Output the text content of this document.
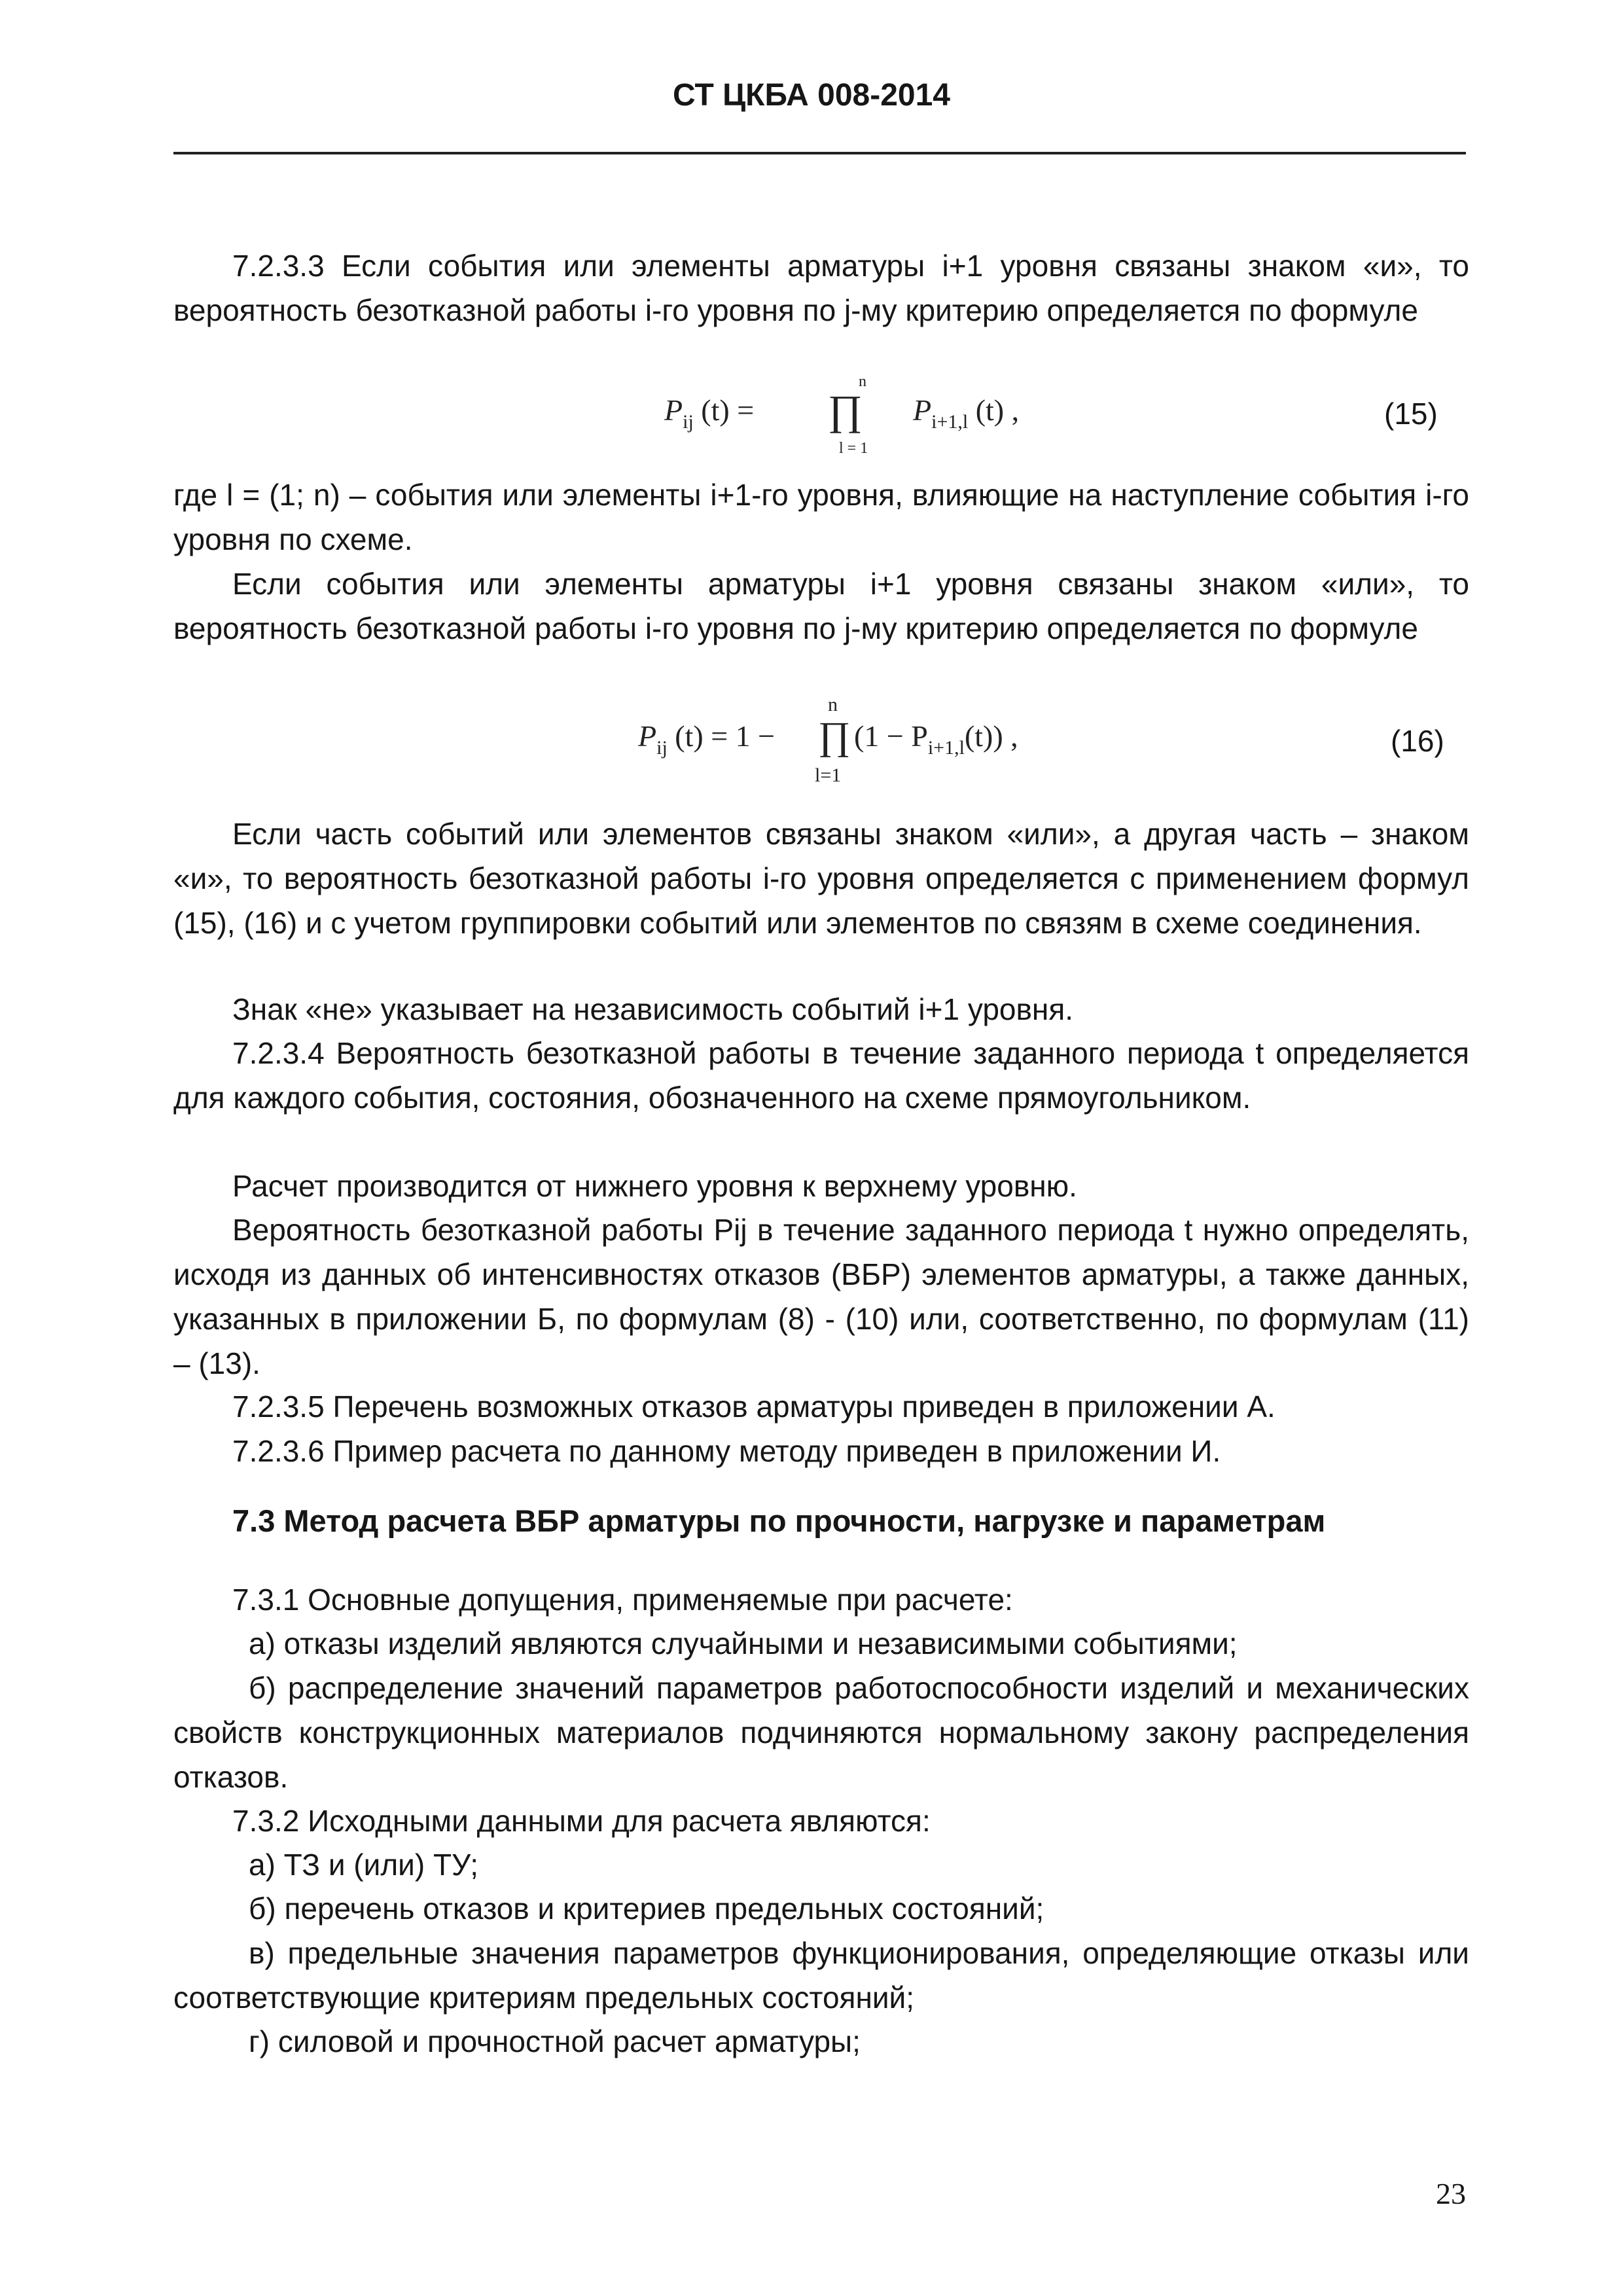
СТ ЦКБА 008-2014

7.2.3.3 Если события или элементы арматуры i+1 уровня связаны знаком «и», то вероятность безотказной работы i-го уровня по j-му критерию определяется по формуле

$P_{ij}$ (t) = ∏
n
l = 1
$P_{i+1,l}$ (t) ,	(15)

где l = (1; n) – события или элементы i+1-го уровня, влияющие на наступление события i-го уровня по схеме.

Если события или элементы арматуры i+1 уровня связаны знаком «или», то вероятность безотказной работы i-го уровня по j-му критерию определяется по формуле

$P_{ij}$ (t) = 1 − ∏
n
l=1
$(1 - P_{i+1,l}(t))$ ,	(16)

Если часть событий или элементов связаны знаком «или», а другая часть – знаком «и», то вероятность безотказной работы i-го уровня определяется с применением формул (15), (16) и с учетом группировки событий или элементов по связям в схеме соединения.

Знак «не» указывает на независимость событий i+1 уровня.

7.2.3.4 Вероятность безотказной работы в течение заданного периода t определяется для каждого события, состояния, обозначенного на схеме прямоугольником.

Расчет производится от нижнего уровня к верхнему уровню.

Вероятность безотказной работы Pij в течение заданного периода t нужно определять, исходя из данных об интенсивностях отказов (ВБР) элементов арматуры, а также данных, указанных в приложении Б, по формулам (8) - (10) или, соответственно, по формулам (11) – (13).

7.2.3.5 Перечень возможных отказов арматуры приведен в приложении А.

7.2.3.6 Пример расчета по данному методу приведен в приложении И.

7.3 Метод расчета ВБР арматуры по прочности, нагрузке и параметрам

7.3.1 Основные допущения, применяемые при расчете:

а) отказы изделий являются случайными и независимыми событиями;

б) распределение значений параметров работоспособности изделий и механических свойств конструкционных материалов подчиняются нормальному закону распределения отказов.

7.3.2 Исходными данными для расчета являются:

а) ТЗ и (или) ТУ;

б) перечень отказов и критериев предельных состояний;

в) предельные значения параметров функционирования, определяющие отказы или соответствующие критериям предельных состояний;

г) силовой и прочностной расчет арматуры;

23
